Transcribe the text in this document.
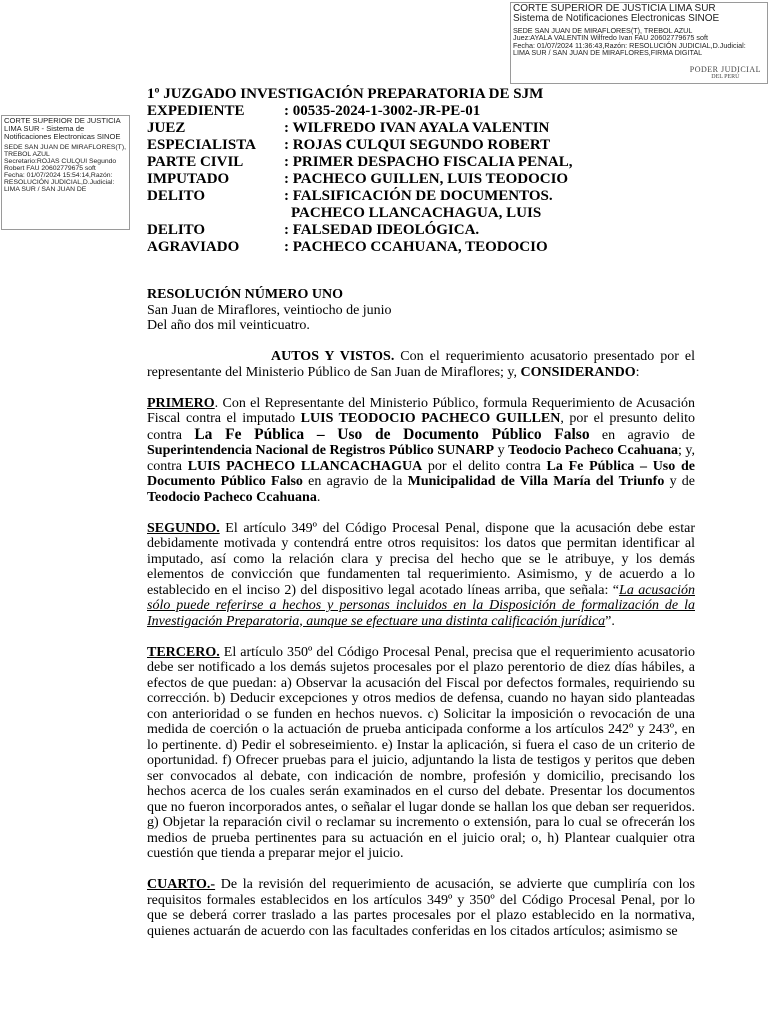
CORTE SUPERIOR DE JUSTICIA LIMA SUR
Sistema de Notificaciones Electronicas SINOE
SEDE SAN JUAN DE MIRAFLORES(T), TREBOL AZUL
Juez:AYALA VALENTIN Wilfredo Ivan FAU 20602779675 soft
Fecha: 01/07/2024 11:36:43,Razón: RESOLUCIÓN JUDICIAL,D.Judicial:
LIMA SUR / SAN JUAN DE MIRAFLORES,FIRMA DIGITAL
PODER JUDICIAL
DEL PERÚ
CORTE SUPERIOR DE JUSTICIA LIMA SUR - Sistema de Notificaciones Electronicas SINOE
SEDE SAN JUAN DE MIRAFLORES(T), TREBOL AZUL
Secretario:ROJAS CULQUI Segundo Robert FAU 20602779675 soft
Fecha: 01/07/2024 15:54:14,Razón: RESOLUCIÓN JUDICIAL,D.Judicial: LIMA SUR / SAN JUAN DE
1º JUZGADO INVESTIGACIÓN PREPARATORIA DE SJM
EXPEDIENTE	: 00535-2024-1-3002-JR-PE-01
JUEZ	: WILFREDO IVAN AYALA VALENTIN
ESPECIALISTA	: ROJAS CULQUI SEGUNDO ROBERT
PARTE CIVIL	: PRIMER DESPACHO FISCALIA PENAL,
IMPUTADO	: PACHECO GUILLEN, LUIS TEODOCIO
DELITO	: FALSIFICACIÓN DE DOCUMENTOS.
PACHECO LLANCACHAGUA, LUIS
DELITO	: FALSEDAD IDEOLÓGICA.
AGRAVIADO	: PACHECO CCAHUANA, TEODOCIO

RESOLUCIÓN NÚMERO UNO

San Juan de Miraflores, veintiocho de junio

Del año dos mil veinticuatro.

AUTOS Y VISTOS. Con el requerimiento acusatorio presentado por el representante del Ministerio Público de San Juan de Miraflores; y, CONSIDERANDO:

PRIMERO. Con el Representante del Ministerio Público, formula Requerimiento de Acusación Fiscal contra el imputado LUIS TEODOCIO PACHECO GUILLEN, por el presunto delito contra La Fe Pública – Uso de Documento Público Falso en agravio de Superintendencia Nacional de Registros Público SUNARP y Teodocio Pacheco Ccahuana; y, contra LUIS PACHECO LLANCACHAGUA por el delito contra La Fe Pública – Uso de Documento Público Falso en agravio de la Municipalidad de Villa María del Triunfo y de Teodocio Pacheco Ccahuana.

SEGUNDO. El artículo 349º del Código Procesal Penal, dispone que la acusación debe estar debidamente motivada y contendrá entre otros requisitos: los datos que permitan identificar al imputado, así como la relación clara y precisa del hecho que se le atribuye, y los demás elementos de convicción que fundamenten tal requerimiento. Asimismo, y de acuerdo a lo establecido en el inciso 2) del dispositivo legal acotado líneas arriba, que señala: “La acusación sólo puede referirse a hechos y personas incluidos en la Disposición de formalización de la Investigación Preparatoria, aunque se efectuare una distinta calificación jurídica”.

TERCERO. El artículo 350º del Código Procesal Penal, precisa que el requerimiento acusatorio debe ser notificado a los demás sujetos procesales por el plazo perentorio de diez días hábiles, a efectos de que puedan: a) Observar la acusación del Fiscal por defectos formales, requiriendo su corrección. b) Deducir excepciones y otros medios de defensa, cuando no hayan sido planteadas con anterioridad o se funden en hechos nuevos. c) Solicitar la imposición o revocación de una medida de coerción o la actuación de prueba anticipada conforme a los artículos 242º y 243º, en lo pertinente. d) Pedir el sobreseimiento. e) Instar la aplicación, si fuera el caso de un criterio de oportunidad. f) Ofrecer pruebas para el juicio, adjuntando la lista de testigos y peritos que deben ser convocados al debate, con indicación de nombre, profesión y domicilio, precisando los hechos acerca de los cuales serán examinados en el curso del debate. Presentar los documentos que no fueron incorporados antes, o señalar el lugar donde se hallan los que deban ser requeridos. g) Objetar la reparación civil o reclamar su incremento o extensión, para lo cual se ofrecerán los medios de prueba pertinentes para su actuación en el juicio oral; o, h) Plantear cualquier otra cuestión que tienda a preparar mejor el juicio.

CUARTO.- De la revisión del requerimiento de acusación, se advierte que cumpliría con los requisitos formales establecidos en los artículos 349º y 350º del Código Procesal Penal, por lo que se deberá correr traslado a las partes procesales por el plazo establecido en la normativa, quienes actuarán de acuerdo con las facultades conferidas en los citados artículos; asimismo se
